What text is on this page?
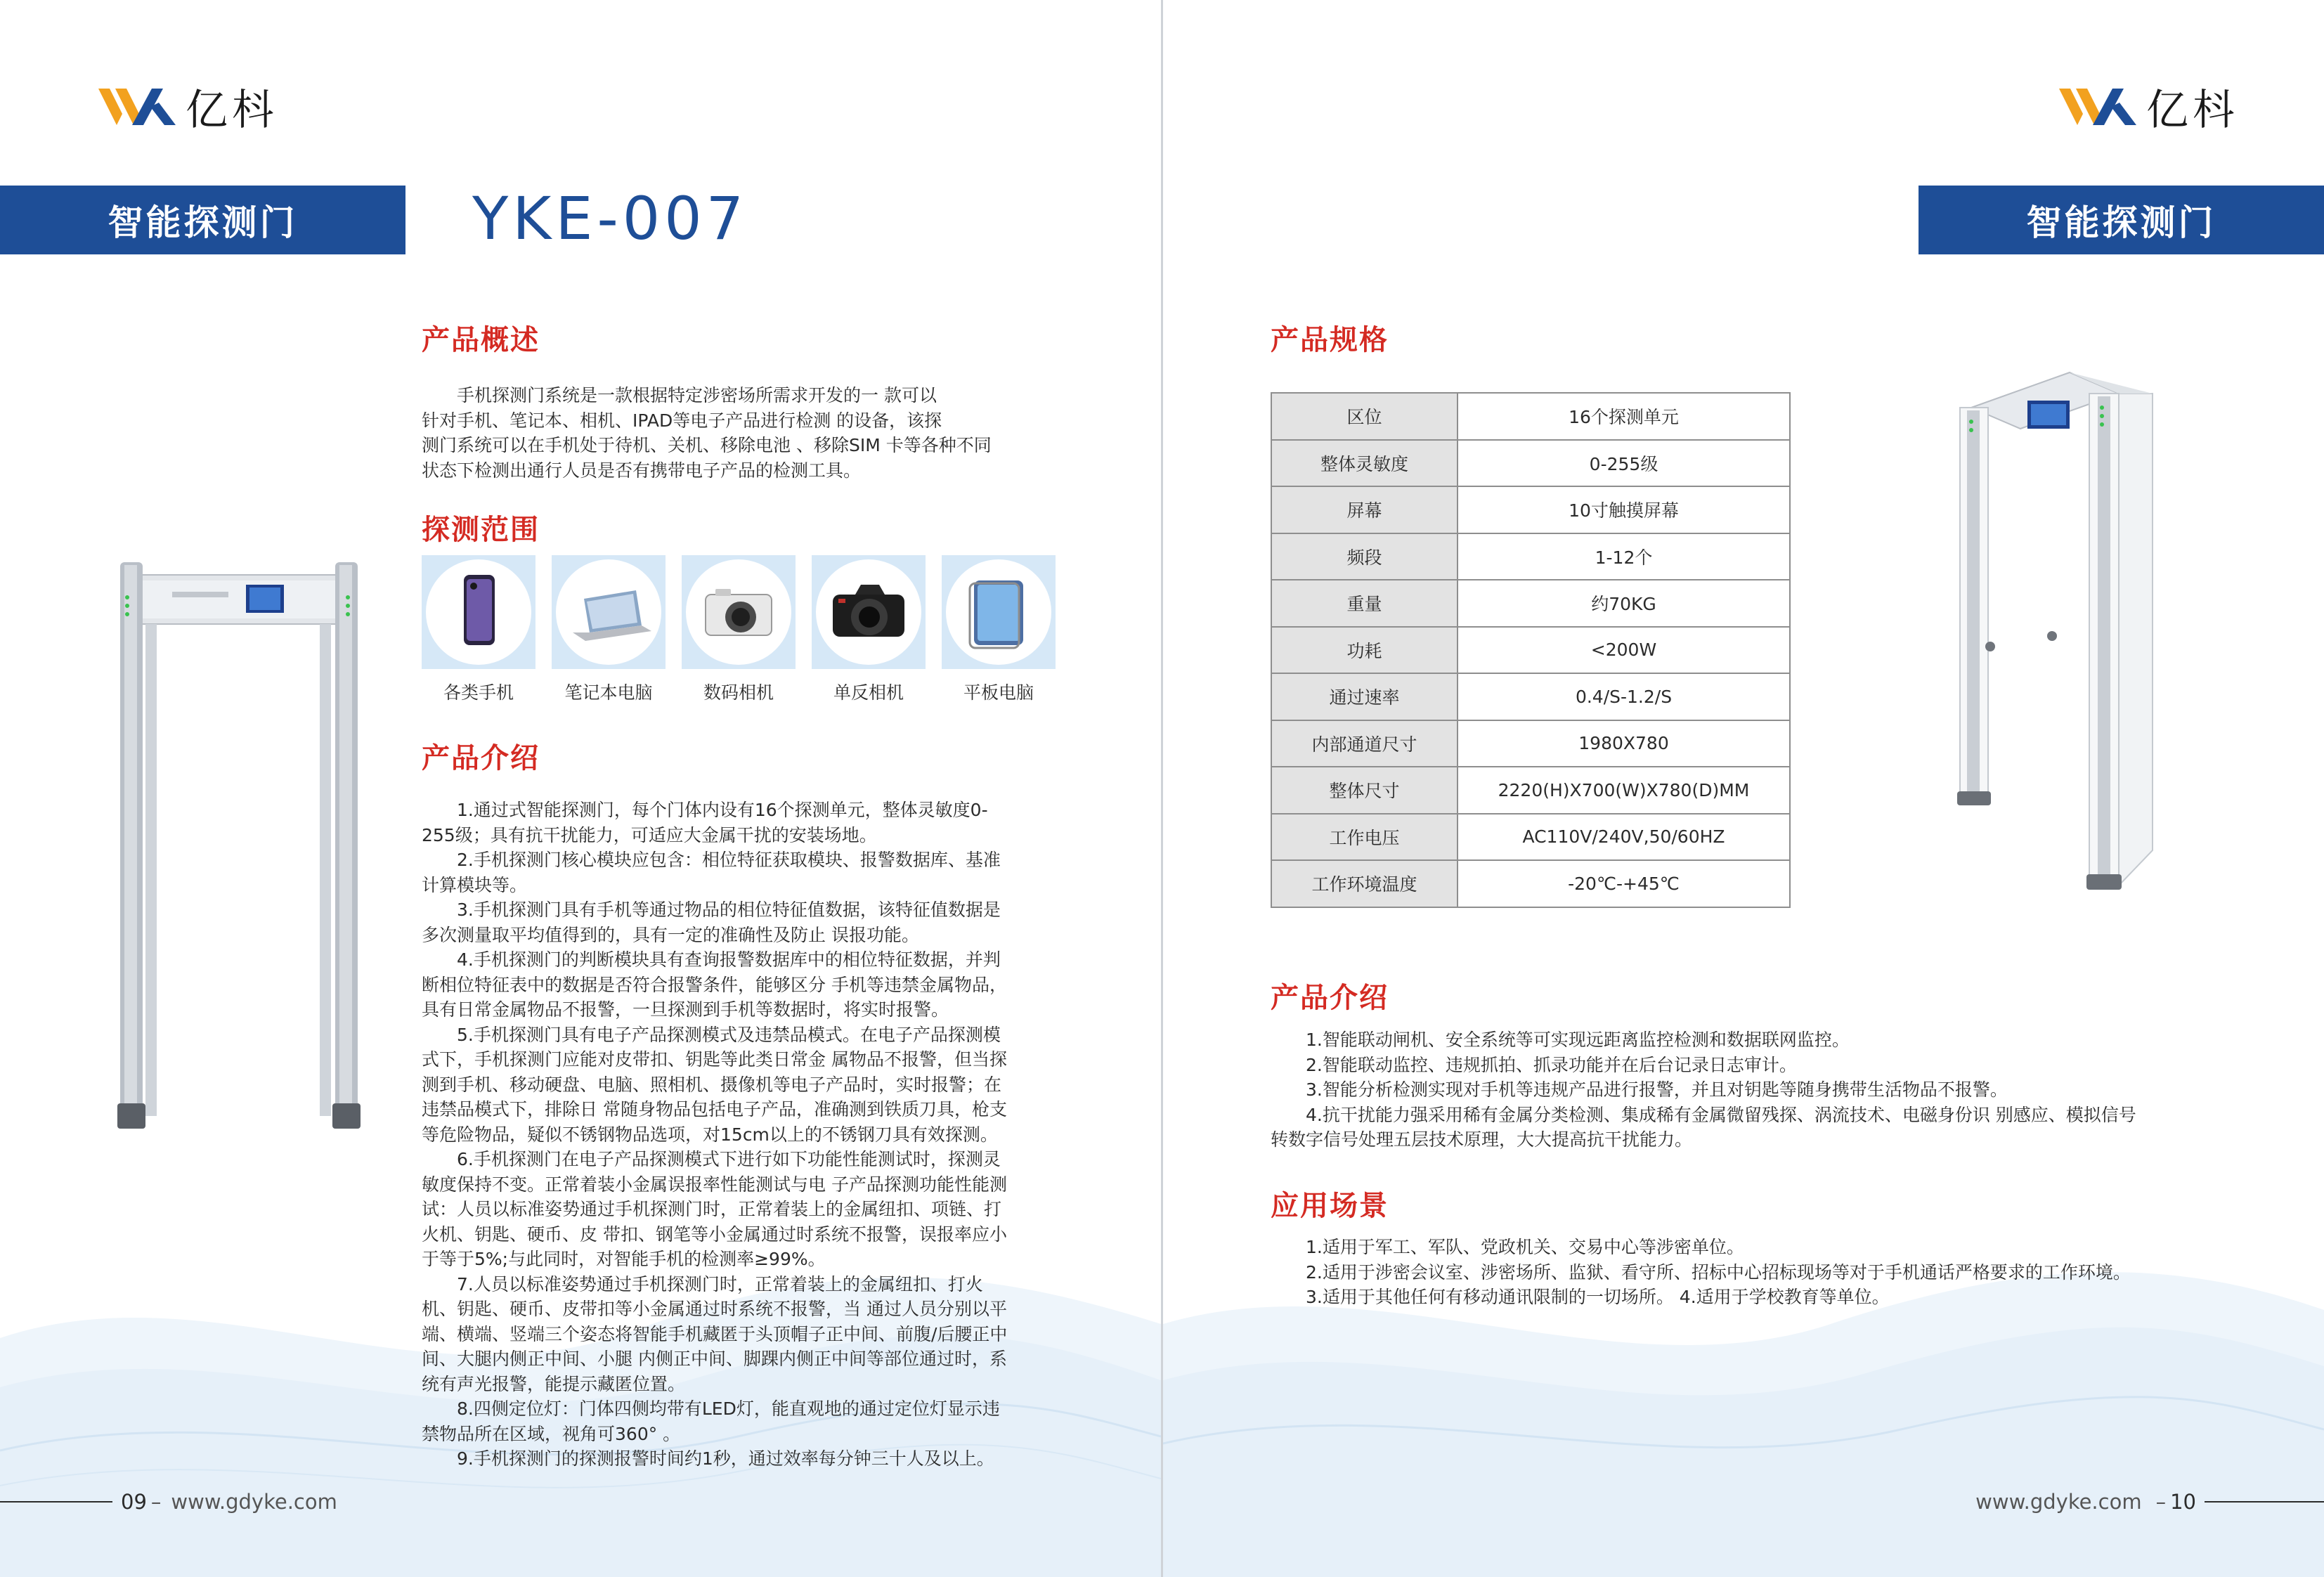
亿枓
智能探测门	YKE-007
产品概述

手机探测门系统是一款根据特定涉密场所需求开发的一 款可以

针对手机、笔记本、相机、IPAD等电子产品进行检测 的设备，该探

测门系统可以在手机处于待机、关机、移除电池 、移除SIM 卡等各种不同

状态下检测出通行人员是否有携带电子产品的检测工具。

探测范围
各类手机	笔记本电脑	数码相机	单反相机	平板电脑
产品介绍

1.通过式智能探测门，每个门体内设有16个探测单元，整体灵敏度0-

255级；具有抗干扰能力，可适应大金属干扰的安装场地。

2.手机探测门核心模块应包含：相位特征获取模块、报警数据库、基准

计算模块等。

3.手机探测门具有手机等通过物品的相位特征值数据，该特征值数据是

多次测量取平均值得到的，具有一定的准确性及防止 误报功能。

4.手机探测门的判断模块具有查询报警数据库中的相位特征数据，并判

断相位特征表中的数据是否符合报警条件，能够区分 手机等违禁金属物品，

具有日常金属物品不报警，一旦探测到手机等数据时，将实时报警。

5.手机探测门具有电子产品探测模式及违禁品模式。在电子产品探测模

式下，手机探测门应能对皮带扣、钥匙等此类日常金 属物品不报警，但当探

测到手机、移动硬盘、电脑、照相机、摄像机等电子产品时，实时报警；在

违禁品模式下，排除日 常随身物品包括电子产品，准确测到铁质刀具，枪支

等危险物品，疑似不锈钢物品选项，对15cm以上的不锈钢刀具有效探测。

6.手机探测门在电子产品探测模式下进行如下功能性能测试时，探测灵

敏度保持不变。正常着装小金属误报率性能测试与电 子产品探测功能性能测

试：人员以标准姿势通过手机探测门时，正常着装上的金属纽扣、项链、打

火机、钥匙、硬币、皮 带扣、钢笔等小金属通过时系统不报警，误报率应小

于等于5%;与此同时，对智能手机的检测率≥99%。

7.人员以标准姿势通过手机探测门时，正常着装上的金属纽扣、打火

机、钥匙、硬币、皮带扣等小金属通过时系统不报警，当 通过人员分别以平

端、横端、竖端三个姿态将智能手机藏匿于头顶帽子正中间、前腹/后腰正中

间、大腿内侧正中间、小腿 内侧正中间、脚踝内侧正中间等部位通过时，系

统有声光报警，能提示藏匿位置。

8.四侧定位灯：门体四侧均带有LED灯，能直观地的通过定位灯显示违

禁物品所在区域，视角可360° 。

9.手机探测门的探测报警时间约1秒，通过效率每分钟三十人及以上。

09 – www.gdyke.com
亿枓
智能探测门
产品规格
区位	16个探测单元
整体灵敏度	0-255级
屏幕	10寸触摸屏幕
频段	1-12个
重量	约70KG
功耗	<200W
通过速率	0.4/S-1.2/S
内部通道尺寸	1980X780
整体尺寸	2220(H)X700(W)X780(D)MM
工作电压	AC110V/240V,50/60HZ
工作环境温度	-20℃-+45℃
产品介绍

1.智能联动闸机、安全系统等可实现远距离监控检测和数据联网监控。

2.智能联动监控、违规抓拍、抓录功能并在后台记录日志审计。

3.智能分析检测实现对手机等违规产品进行报警，并且对钥匙等随身携带生活物品不报警。

4.抗干扰能力强采用稀有金属分类检测、集成稀有金属微留残探、涡流技术、电磁身份识 别感应、模拟信号

转数字信号处理五层技术原理，大大提高抗干扰能力。

应用场景

1.适用于军工、军队、党政机关、交易中心等涉密单位。

2.适用于涉密会议室、涉密场所、监狱、看守所、招标中心招标现场等对于手机通话严格要求的工作环境。

3.适用于其他任何有移动通讯限制的一切场所。 4.适用于学校教育等单位。

www.gdyke.com – 10
